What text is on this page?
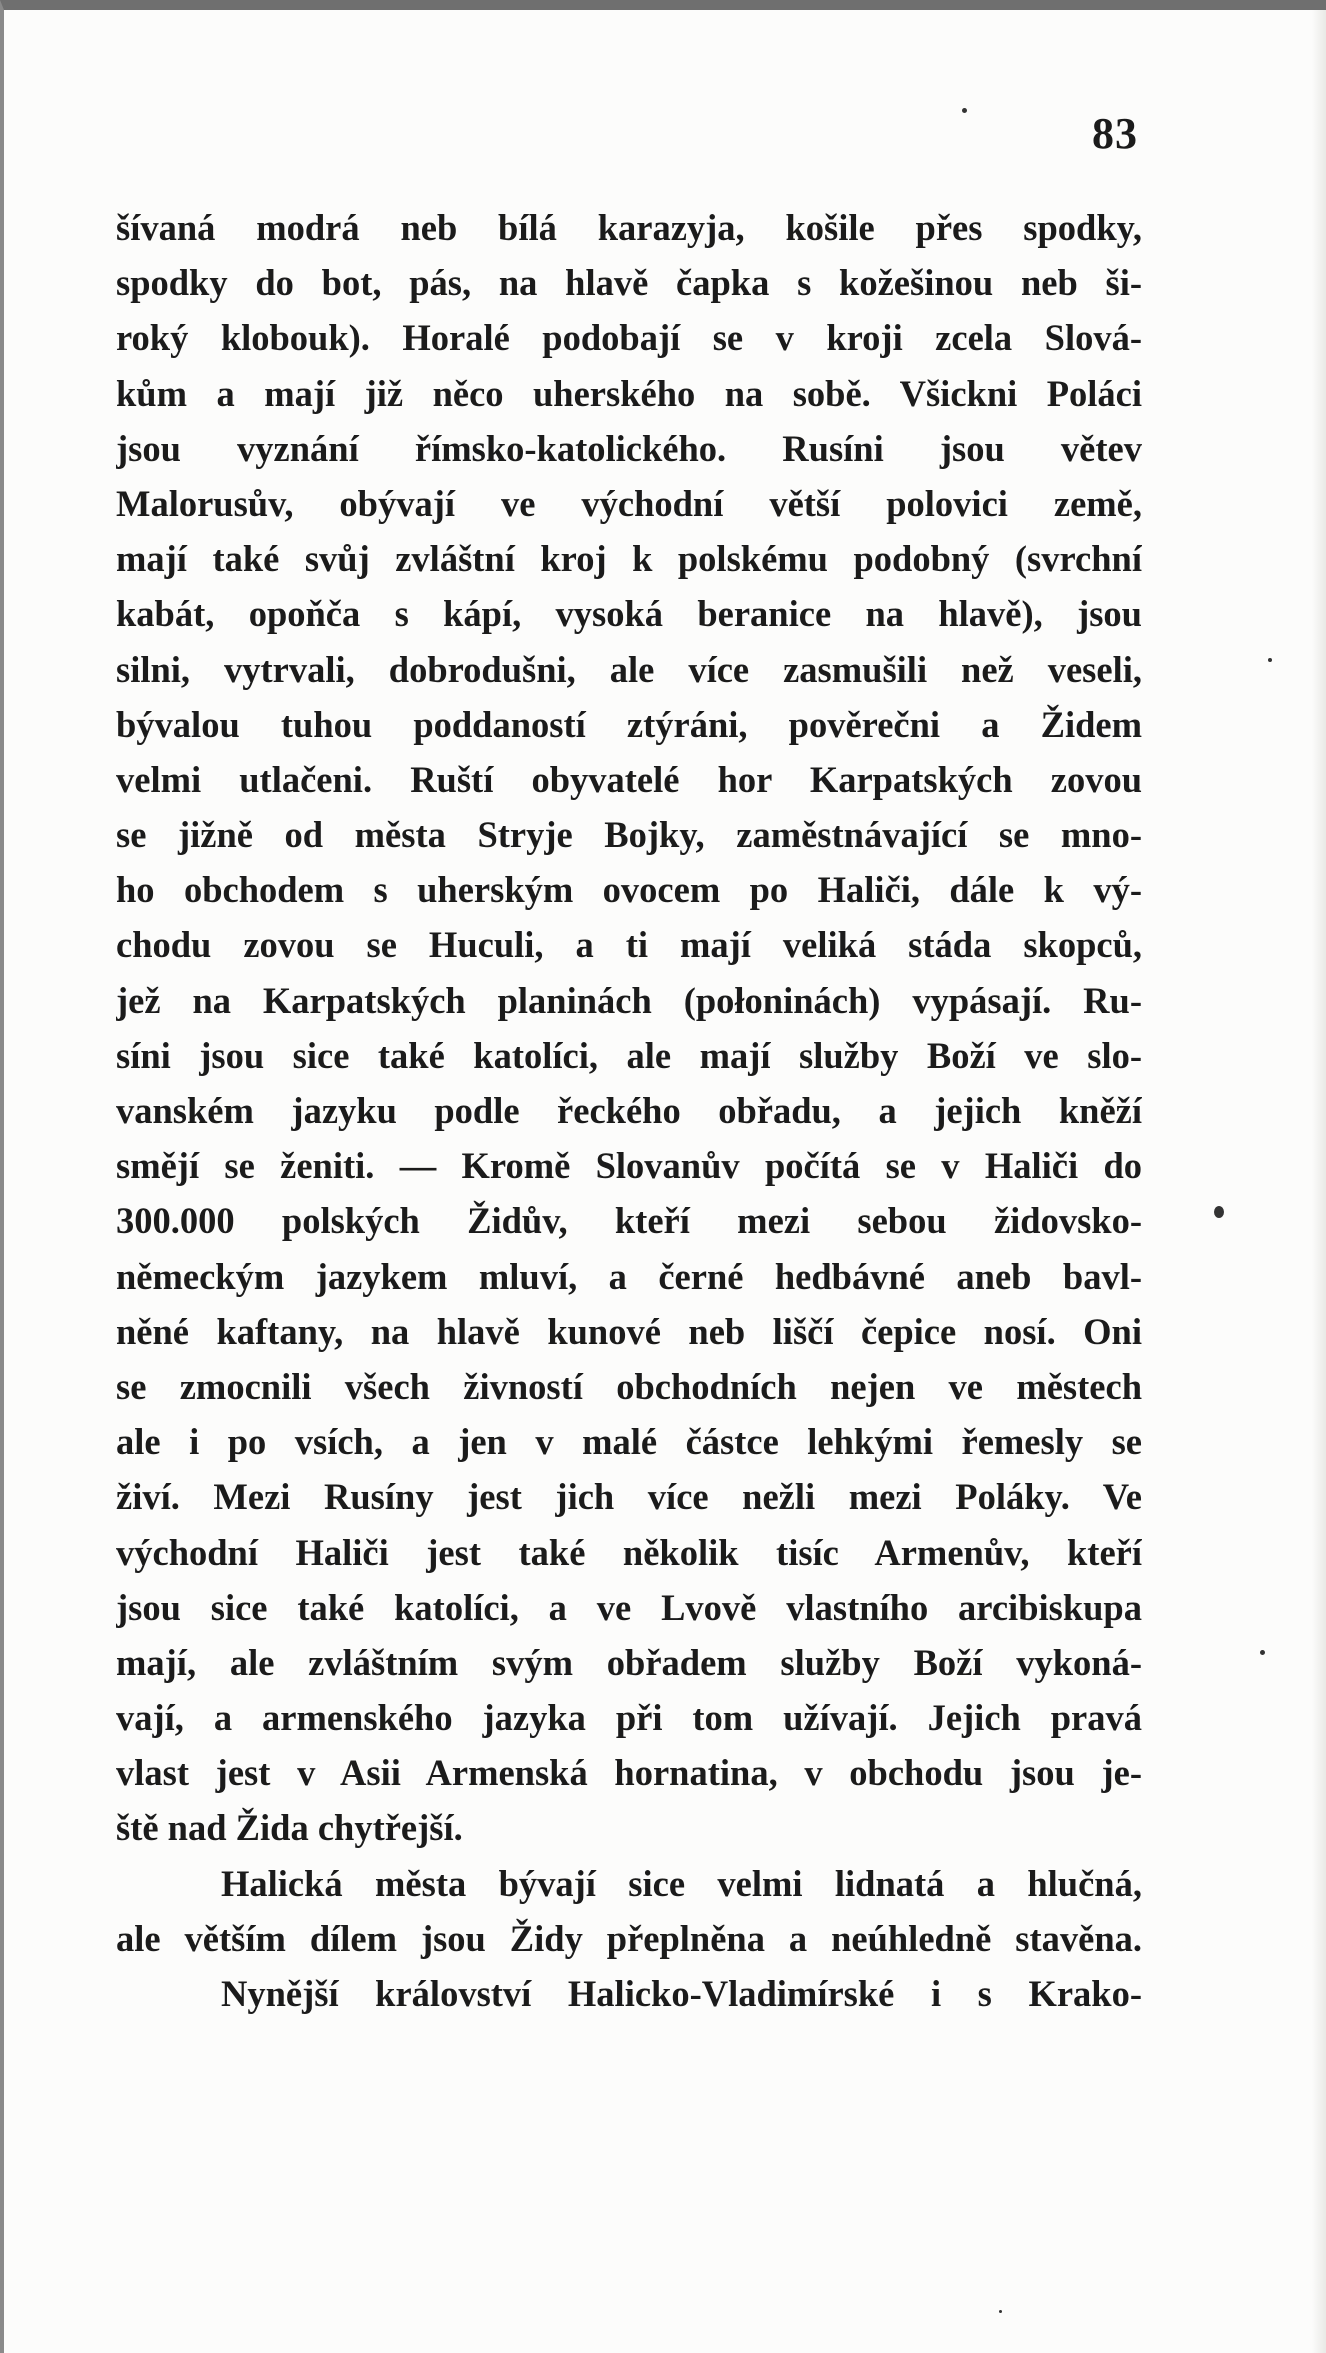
83
šívaná modrá neb bílá karazyja, košile přes spodky,
spodky do bot, pás, na hlavě čapka s kožešinou neb ši-
roký klobouk). Horalé podobají se v kroji zcela Slová-
kům a mají již něco uherského na sobě. Všickni Poláci
jsou vyznání římsko-katolického. Rusíni jsou větev
Malorusův, obývají ve východní větší polovici země,
mají také svůj zvláštní kroj k polskému podobný (svrchní
kabát, opoňča s kápí, vysoká beranice na hlavě), jsou
silni, vytrvali, dobrodušni, ale více zasmušili než veseli,
bývalou tuhou poddaností ztýráni, pověrečni a Židem
velmi utlačeni. Ruští obyvatelé hor Karpatských zovou
se jižně od města Stryje Bojky, zaměstnávající se mno-
ho obchodem s uherským ovocem po Haliči, dále k vý-
chodu zovou se Huculi, a ti mají veliká stáda skopců,
jež na Karpatských planinách (połoninách) vypásají. Ru-
síni jsou sice také katolíci, ale mají služby Boží ve slo-
vanském jazyku podle řeckého obřadu, a jejich kněží
smějí se ženiti. — Kromě Slovanův počítá se v Haliči do
300.000 polských Židův, kteří mezi sebou židovsko-
německým jazykem mluví, a černé hedbávné aneb bavl-
něné kaftany, na hlavě kunové neb liščí čepice nosí. Oni
se zmocnili všech živností obchodních nejen ve městech
ale i po vsích, a jen v malé částce lehkými řemesly se
živí. Mezi Rusíny jest jich více nežli mezi Poláky. Ve
východní Haliči jest také několik tisíc Armenův, kteří
jsou sice také katolíci, a ve Lvově vlastního arcibiskupa
mají, ale zvláštním svým obřadem služby Boží vykoná-
vají, a armenského jazyka při tom užívají. Jejich pravá
vlast jest v Asii Armenská hornatina, v obchodu jsou je-
ště nad Žida chytřejší.
Halická města bývají sice velmi lidnatá a hlučná,
ale větším dílem jsou Židy přeplněna a neúhledně stavěna.
Nynější království Halicko-Vladimírské i s Krako-
